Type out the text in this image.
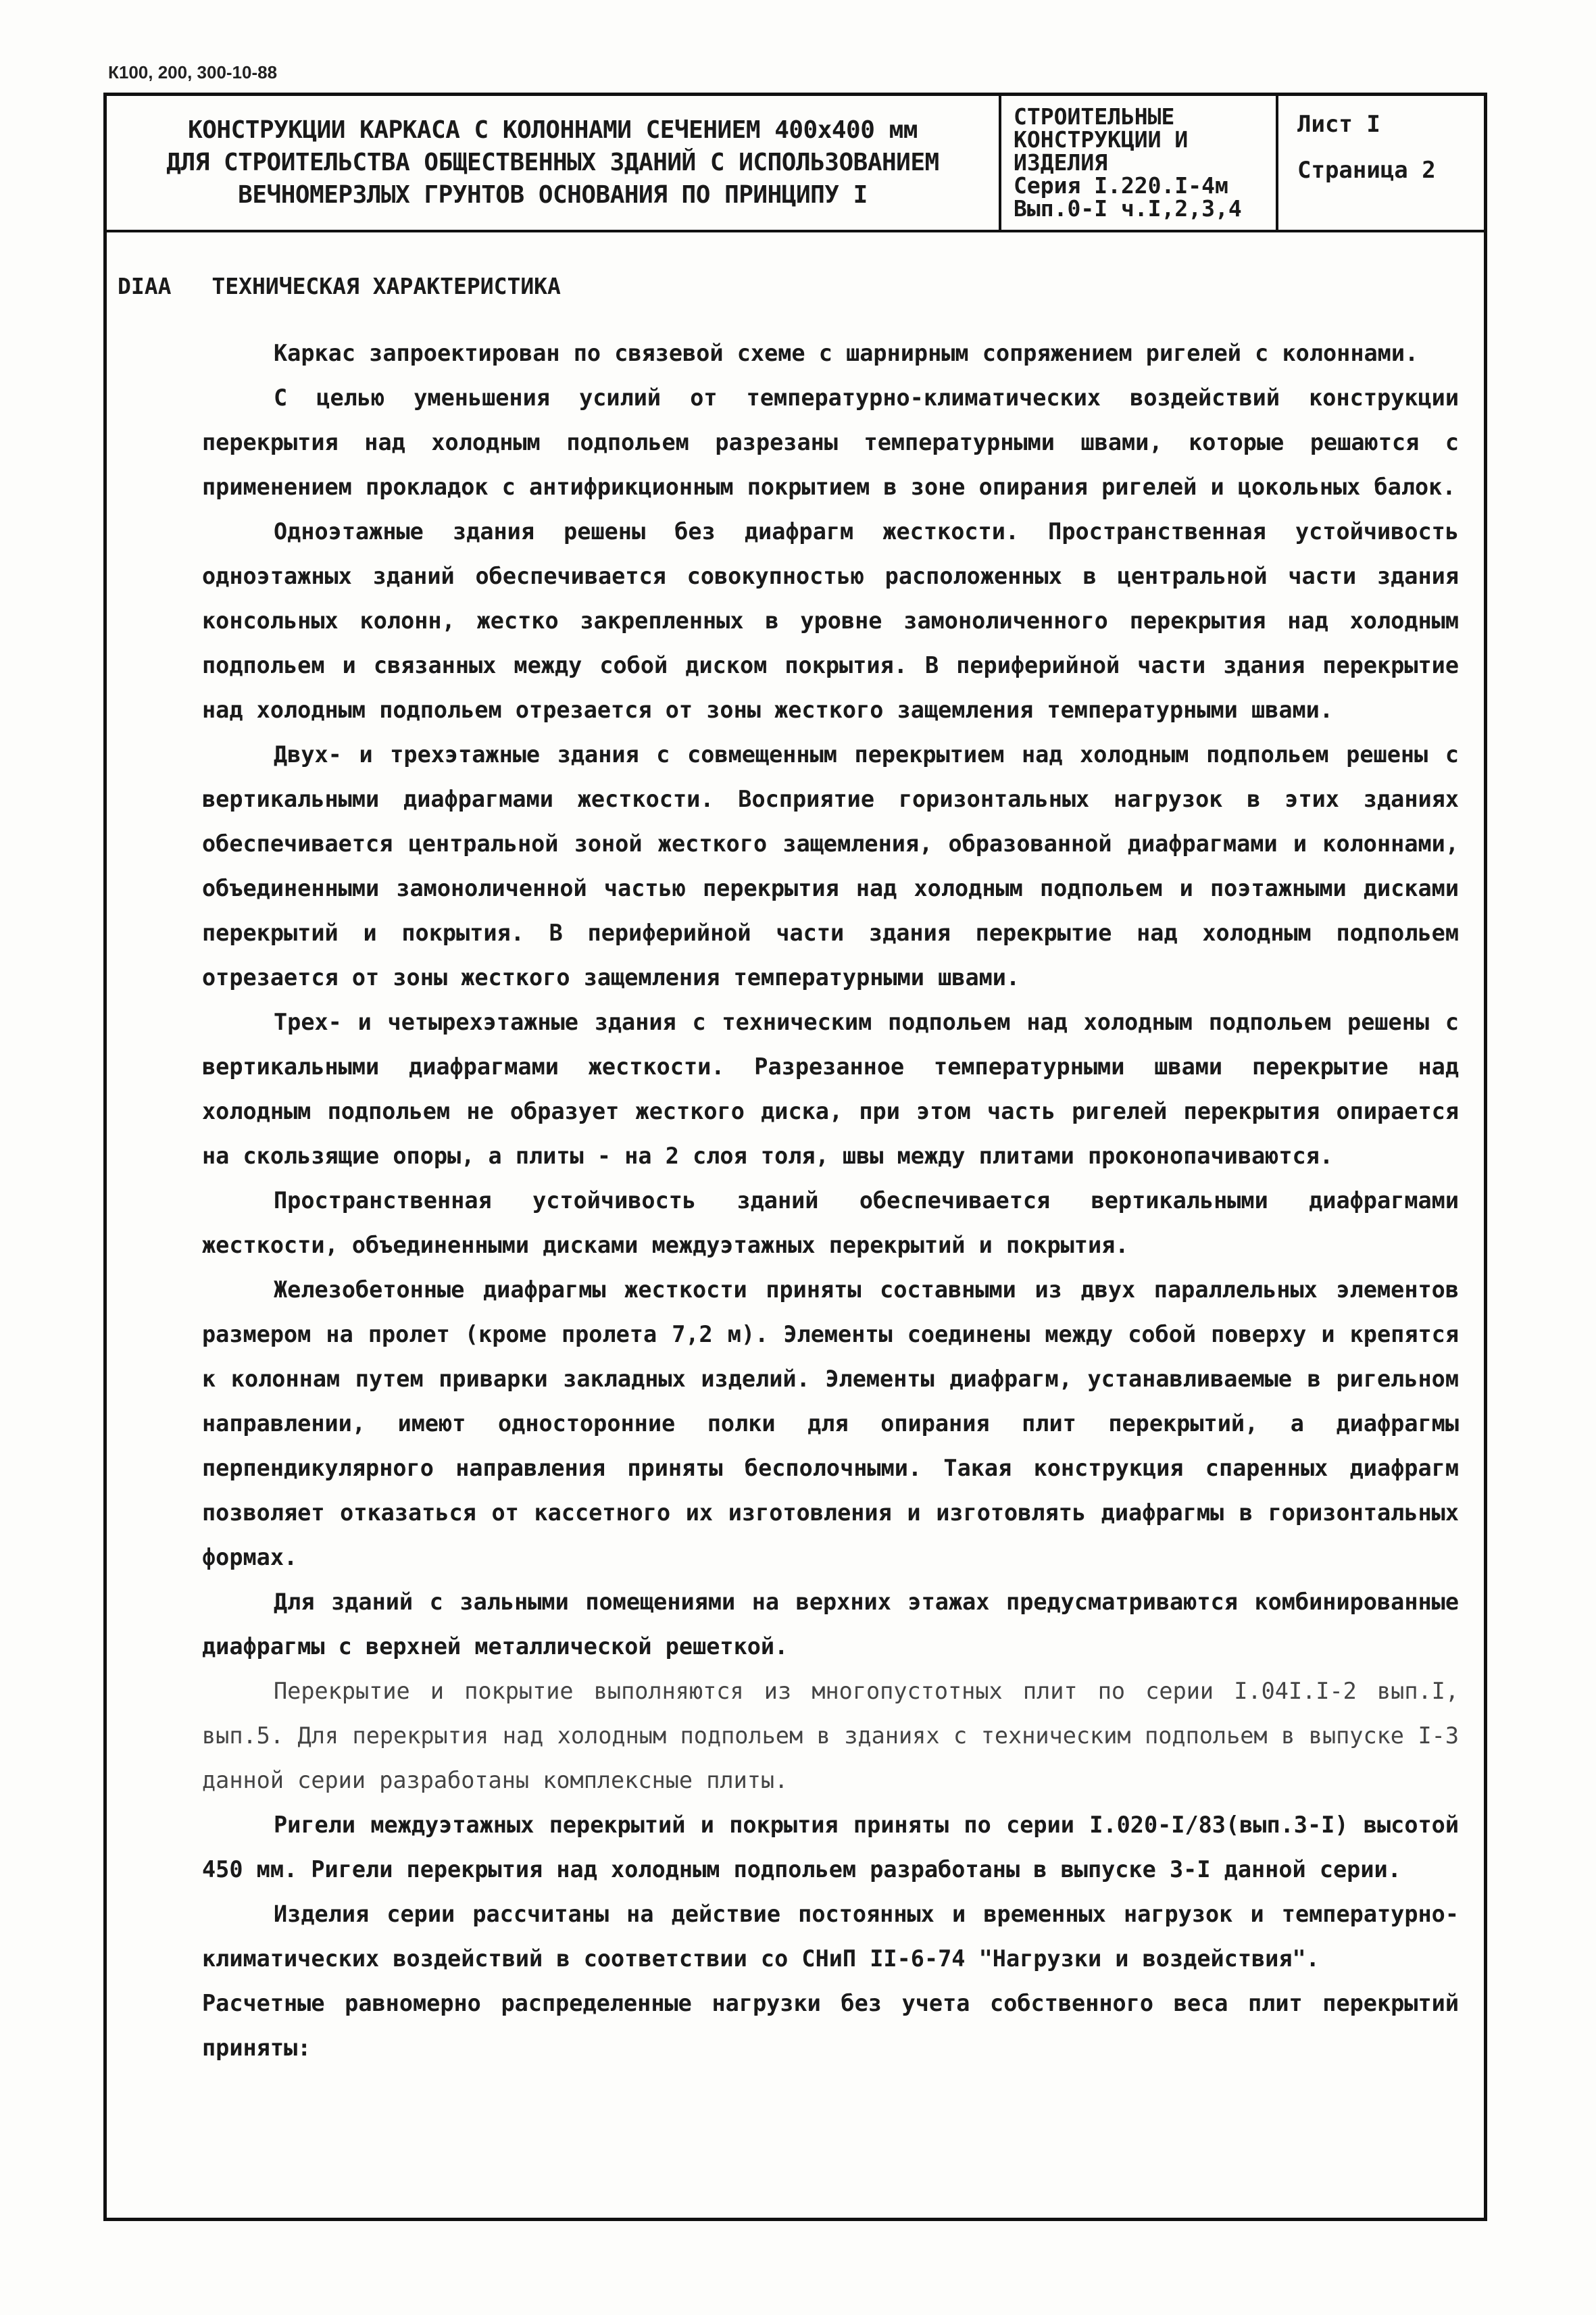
К100, 200, 300-10-88
КОНСТРУКЦИИ КАРКАСА С КОЛОННАМИ СЕЧЕНИЕМ 400х400 мм
ДЛЯ СТРОИТЕЛЬСТВА ОБЩЕСТВЕННЫХ ЗДАНИЙ С ИСПОЛЬЗОВАНИЕМ
ВЕЧНОМЕРЗЛЫХ ГРУНТОВ ОСНОВАНИЯ ПО ПРИНЦИПУ I
СТРОИТЕЛЬНЫЕ
КОНСТРУКЦИИ И
ИЗДЕЛИЯ
Серия I.220.I-4м
Вып.0-I ч.I,2,3,4
Лист I
Страница 2
DIAA ТЕХНИЧЕСКАЯ ХАРАКТЕРИСТИКА

Каркас запроектирован по связевой схеме с шарнирным сопряжением ригелей с колоннами.

С целью уменьшения усилий от температурно-климатических воздействий конструкции перекрытия над холодным подпольем разрезаны температурными швами, которые решаются с применением прокладок с антифрикционным покрытием в зоне опирания ригелей и цокольных балок.

Одноэтажные здания решены без диафрагм жесткости. Пространственная устойчивость одноэтажных зданий обеспечивается совокупностью расположенных в центральной части здания консольных колонн, жестко закрепленных в уровне замоноличенного перекрытия над холодным подпольем и связанных между собой диском покрытия. В периферийной части здания перекрытие над холодным подпольем отрезается от зоны жесткого защемления температурными швами.

Двух- и трехэтажные здания с совмещенным перекрытием над холодным подпольем решены с вертикальными диафрагмами жесткости. Восприятие горизонтальных нагрузок в этих зданиях обеспечивается центральной зоной жесткого защемления, образованной диафрагмами и колоннами, объединенными замоноличенной частью перекрытия над холодным подпольем и поэтажными дисками перекрытий и покрытия. В периферийной части здания перекрытие над холодным подпольем отрезается от зоны жесткого защемления температурными швами.

Трех- и четырехэтажные здания с техническим подпольем над холодным подпольем решены с вертикальными диафрагмами жесткости. Разрезанное температурными швами перекрытие над холодным подпольем не образует жесткого диска, при этом часть ригелей перекрытия опирается на скользящие опоры, а плиты - на 2 слоя толя, швы между плитами проконопачиваются.

Пространственная устойчивость зданий обеспечивается вертикальными диафрагмами жесткости, объединенными дисками междуэтажных перекрытий и покрытия.

Железобетонные диафрагмы жесткости приняты составными из двух параллельных элементов размером на пролет (кроме пролета 7,2 м). Элементы соединены между собой поверху и крепятся к колоннам путем приварки закладных изделий. Элементы диафрагм, устанавливаемые в ригельном направлении, имеют односторонние полки для опирания плит перекрытий, а диафрагмы перпендикулярного направления приняты бесполочными. Такая конструкция спаренных диафрагм позволяет отказаться от кассетного их изготовления и изготовлять диафрагмы в горизонтальных формах.

Для зданий с зальными помещениями на верхних этажах предусматриваются комбинированные диафрагмы с верхней металлической решеткой.

Перекрытие и покрытие выполняются из многопустотных плит по серии I.04I.I-2 вып.I, вып.5. Для перекрытия над холодным подпольем в зданиях с техническим подпольем в выпуске I-3 данной серии разработаны комплексные плиты.

Ригели междуэтажных перекрытий и покрытия приняты по серии I.020-I/83(вып.3-I) высотой 450 мм. Ригели перекрытия над холодным подпольем разработаны в выпуске 3-I данной серии.

Изделия серии рассчитаны на действие постоянных и временных нагрузок и температурно-климатических воздействий в соответствии со СНиП II-6-74 "Нагрузки и воздействия".

Расчетные равномерно распределенные нагрузки без учета собственного веса плит перекрытий приняты:
